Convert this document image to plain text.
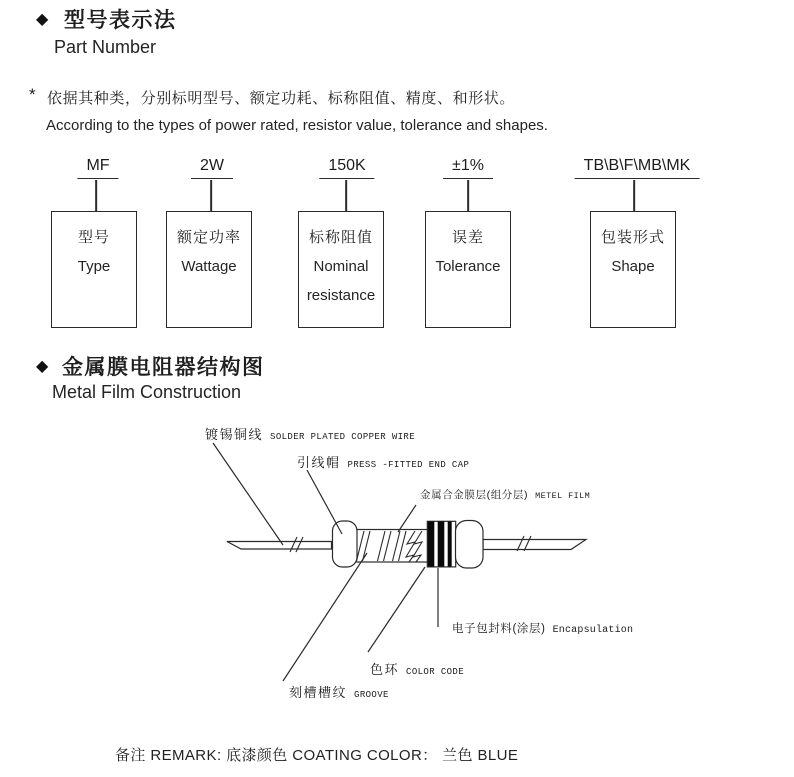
◆ 型号表示法
Part Number
* 依据其种类，分别标明型号、额定功耗、标称阻值、精度、和形状。
According to the types of power rated, resistor value, tolerance and shapes.
MF	2W	150K	±1%	TB\B\F\MB\MK
型号
Type
额定功率
Wattage
标称阻值
Nominal
resistance
误差
Tolerance
包装形式
Shape
◆ 金属膜电阻器结构图
Metal Film Construction
镀锡铜线 SOLDER PLATED COPPER WIRE
引线帽 PRESS -FITTED END CAP
金属合金膜层(组分层) METEL FILM
电子包封料(涂层) Encapsulation
色环 COLOR CODE
刻槽槽纹 GROOVE
备注 REMARK: 底漆颜色 COATING COLOR： 兰色 BLUE
